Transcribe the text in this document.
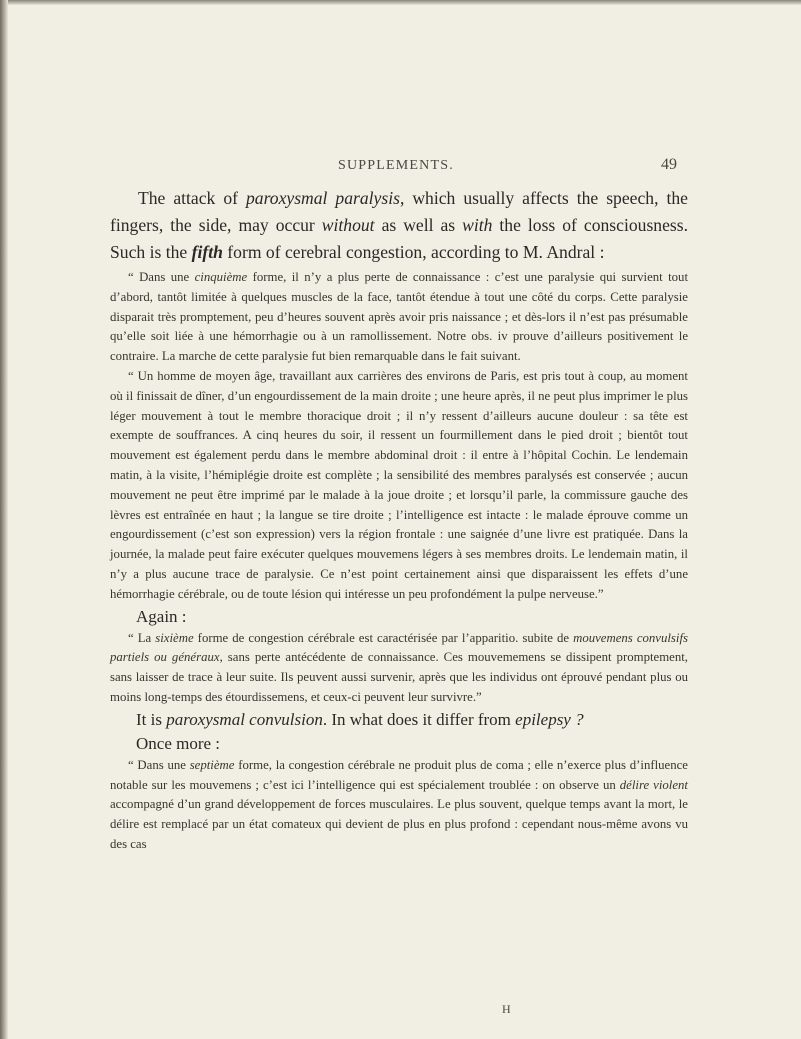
SUPPLEMENTS.	49

The attack of paroxysmal paralysis, which usually affects the speech, the fingers, the side, may occur without as well as with the loss of consciousness. Such is the fifth form of cerebral congestion, according to M. Andral :

“ Dans une cinquième forme, il n’y a plus perte de connaissance : c’est une paralysie qui survient tout d’abord, tantôt limitée à quelques muscles de la face, tantôt étendue à tout une côté du corps. Cette paralysie disparait très promptement, peu d’heures souvent après avoir pris naissance ; et dès-lors il n’est pas présumable qu’elle soit liée à une hémorrhagie ou à un ramollissement. Notre obs. iv prouve d’ailleurs positivement le contraire. La marche de cette paralysie fut bien remarquable dans le fait suivant.

“ Un homme de moyen âge, travaillant aux carrières des environs de Paris, est pris tout à coup, au moment où il finissait de dîner, d’un engourdissement de la main droite ; une heure après, il ne peut plus imprimer le plus léger mouvement à tout le membre thoracique droit ; il n’y ressent d’ailleurs aucune douleur : sa tête est exempte de souffrances. A cinq heures du soir, il ressent un fourmillement dans le pied droit ; bientôt tout mouvement est également perdu dans le membre abdominal droit : il entre à l’hôpital Cochin. Le lendemain matin, à la visite, l’hémiplégie droite est complète ; la sensibilité des membres paralysés est conservée ; aucun mouvement ne peut être imprimé par le malade à la joue droite ; et lorsqu’il parle, la commissure gauche des lèvres est entraînée en haut ; la langue se tire droite ; l’intelligence est intacte : le malade éprouve comme un engourdissement (c’est son expression) vers la région frontale : une saignée d’une livre est pratiquée. Dans la journée, la malade peut faire exécuter quelques mouvemens légers à ses membres droits. Le lendemain matin, il n’y a plus aucune trace de paralysie. Ce n’est point certainement ainsi que disparaissent les effets d’une hémorrhagie cérébrale, ou de toute lésion qui intéresse un peu profondément la pulpe nerveuse.”

Again :

“ La sixième forme de congestion cérébrale est caractérisée par l’apparitio. subite de mouvemens convulsifs partiels ou généraux, sans perte antécédente de connaissance. Ces mouvememens se dissipent promptement, sans laisser de trace à leur suite. Ils peuvent aussi survenir, après que les individus ont éprouvé pendant plus ou moins long-temps des étourdissemens, et ceux-ci peuvent leur survivre.”

It is paroxysmal convulsion. In what does it differ from epilepsy ?

Once more :

“ Dans une septième forme, la congestion cérébrale ne produit plus de coma ; elle n’exerce plus d’influence notable sur les mouvemens ; c’est ici l’intelligence qui est spécialement troublée : on observe un délire violent accompagné d’un grand développement de forces musculaires. Le plus souvent, quelque temps avant la mort, le délire est remplacé par un état comateux qui devient de plus en plus profond : cependant nous-même avons vu des cas

H
